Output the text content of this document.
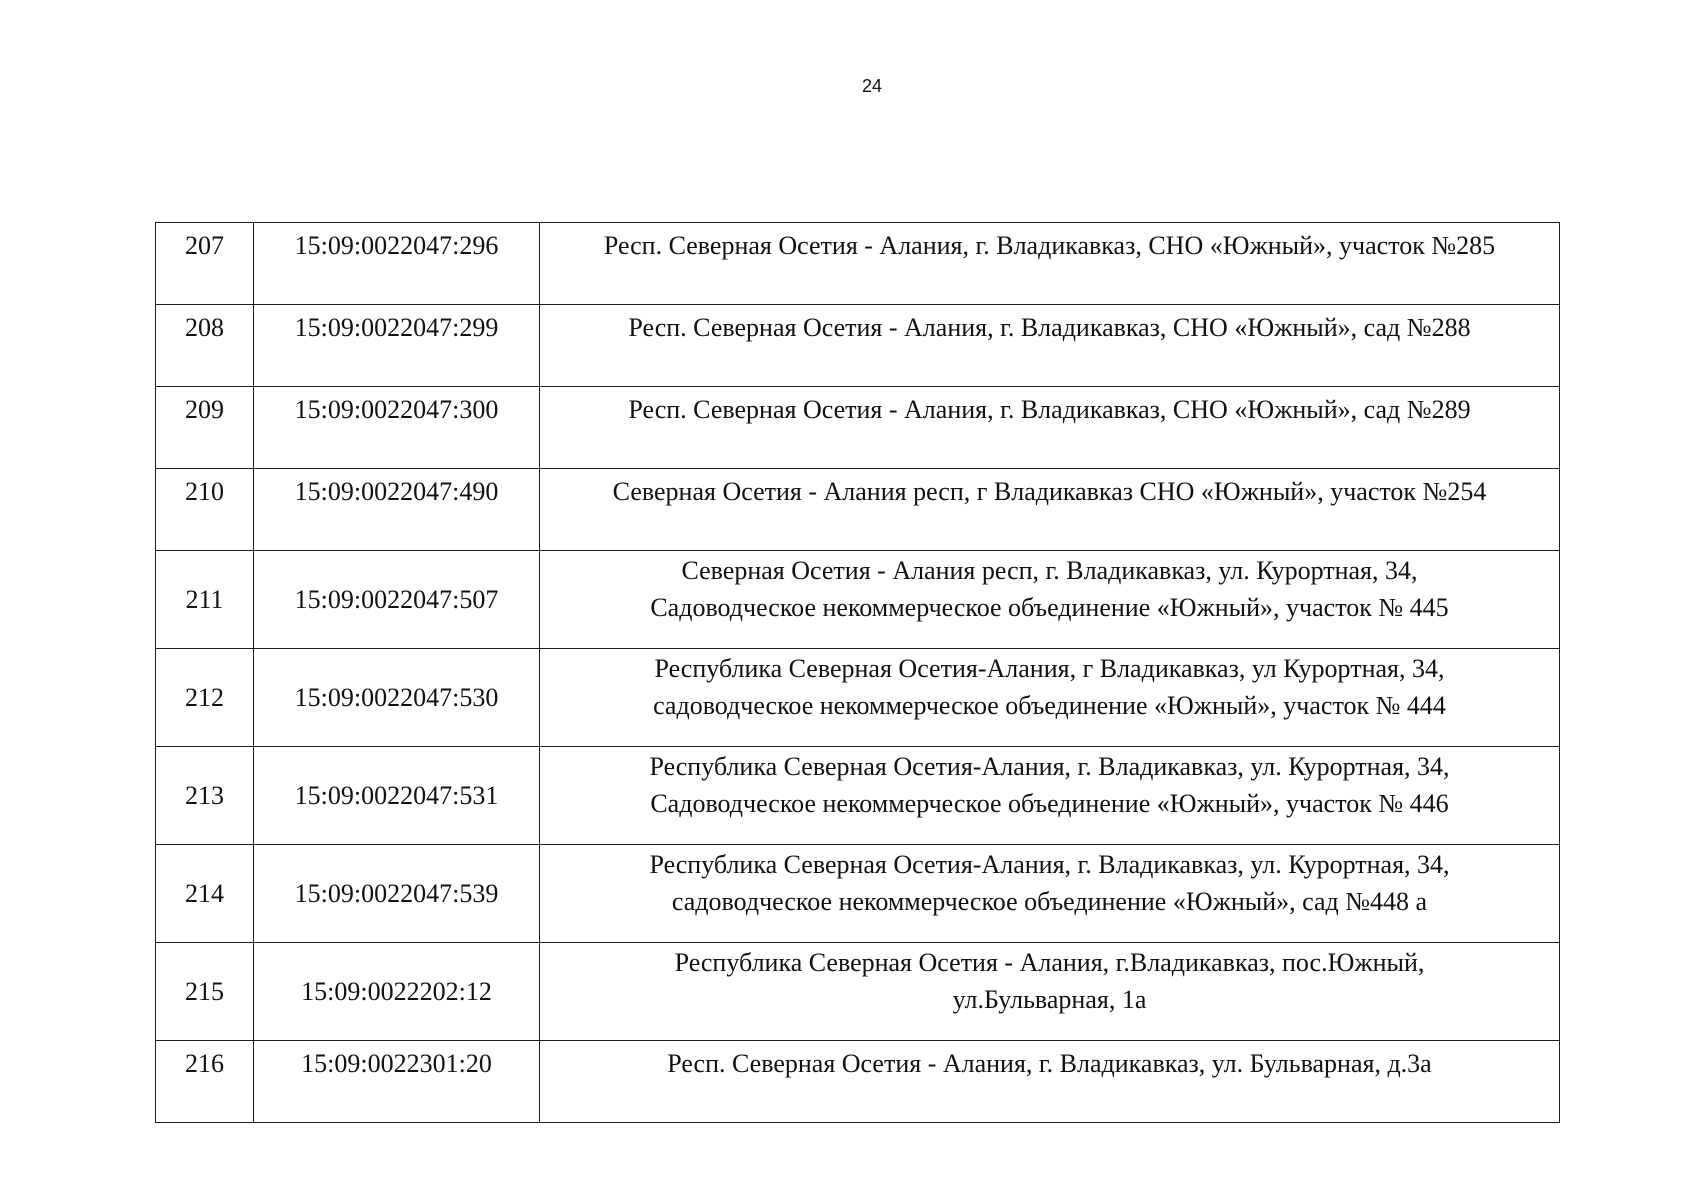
24
207	15:09:0022047:296	Респ. Северная Осетия - Алания, г. Владикавказ, СНО «Южный», участок №285
208	15:09:0022047:299	Респ. Северная Осетия - Алания, г. Владикавказ, СНО «Южный», сад №288
209	15:09:0022047:300	Респ. Северная Осетия - Алания, г. Владикавказ, СНО «Южный», сад №289
210	15:09:0022047:490	Северная Осетия - Алания респ, г Владикавказ СНО «Южный», участок №254
211	15:09:0022047:507	Северная Осетия - Алания респ, г. Владикавказ, ул. Курортная, 34,
Садоводческое некоммерческое объединение «Южный», участок № 445

212	15:09:0022047:530	Республика Северная Осетия-Алания, г Владикавказ, ул Курортная, 34,
садоводческое некоммерческое объединение «Южный», участок № 444

213	15:09:0022047:531	Республика Северная Осетия-Алания, г. Владикавказ, ул. Курортная, 34,
Садоводческое некоммерческое объединение «Южный», участок № 446

214	15:09:0022047:539	Республика Северная Осетия-Алания, г. Владикавказ, ул. Курортная, 34,
садоводческое некоммерческое объединение «Южный», сад №448 а

215	15:09:0022202:12	Республика Северная Осетия - Алания, г.Владикавказ, пос.Южный,
ул.Бульварная, 1а

216	15:09:0022301:20	Респ. Северная Осетия - Алания, г. Владикавказ, ул. Бульварная, д.3а
